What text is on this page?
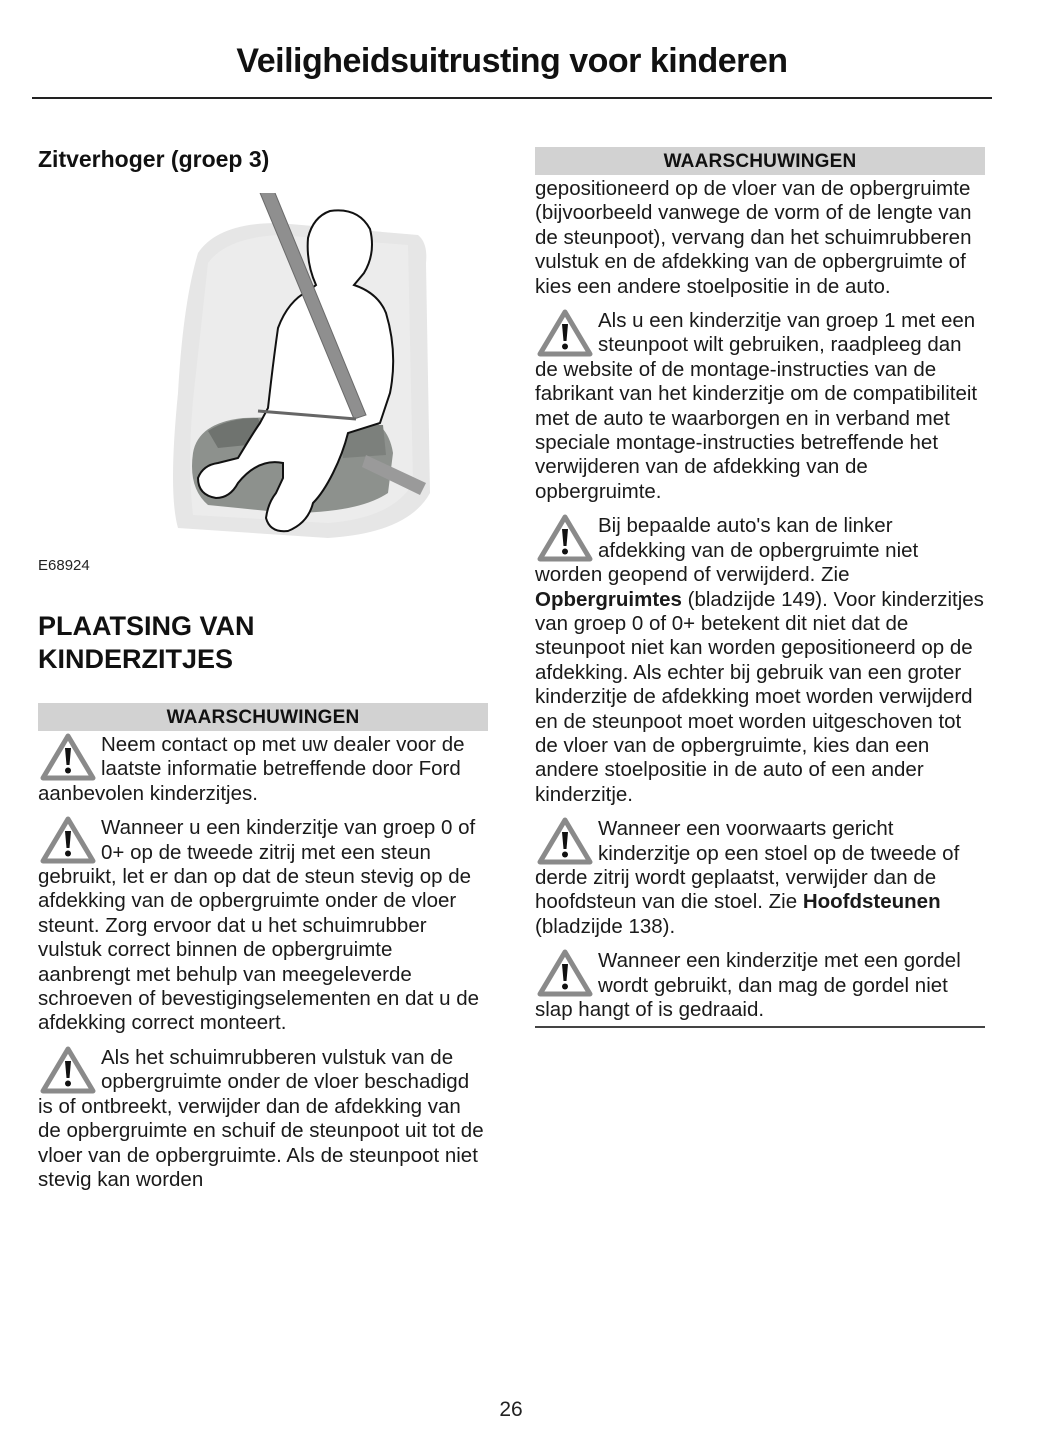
Veiligheidsuitrusting voor kinderen
Zitverhoger (groep 3)
E68924
PLAATSING VAN
KINDERZITJES
WAARSCHUWINGEN

Neem contact op met uw dealer voor de laatste informatie betreffende door Ford aanbevolen kinderzitjes.

Wanneer u een kinderzitje van groep 0 of 0+ op de tweede zitrij met een steun gebruikt, let er dan op dat de steun stevig op de afdekking van de opbergruimte onder de vloer steunt. Zorg ervoor dat u het schuimrubber vulstuk correct binnen de opbergruimte aanbrengt met behulp van meegeleverde schroeven of bevestigingselementen en dat u de afdekking correct monteert.

Als het schuimrubberen vulstuk van de opbergruimte onder de vloer beschadigd is of ontbreekt, verwijder dan de afdekking van de opbergruimte en schuif de steunpoot uit tot de vloer van de opbergruimte. Als de steunpoot niet stevig kan worden

WAARSCHUWINGEN

gepositioneerd op de vloer van de opbergruimte (bijvoorbeeld vanwege de vorm of de lengte van de steunpoot), vervang dan het schuimrubberen vulstuk en de afdekking van de opbergruimte of kies een andere stoelpositie in de auto.

Als u een kinderzitje van groep 1 met een steunpoot wilt gebruiken, raadpleeg dan de website of de montage-instructies van de fabrikant van het kinderzitje om de compatibiliteit met de auto te waarborgen en in verband met speciale montage-instructies betreffende het verwijderen van de afdekking van de opbergruimte.

Bij bepaalde auto's kan de linker afdekking van de opbergruimte niet worden geopend of verwijderd. Zie Opbergruimtes (bladzijde 149). Voor kinderzitjes van groep 0 of 0+ betekent dit niet dat de steunpoot niet kan worden gepositioneerd op de afdekking. Als echter bij gebruik van een groter kinderzitje de afdekking moet worden verwijderd en de steunpoot moet worden uitgeschoven tot de vloer van de opbergruimte, kies dan een andere stoelpositie in de auto of een ander kinderzitje.

Wanneer een voorwaarts gericht kinderzitje op een stoel op de tweede of derde zitrij wordt geplaatst, verwijder dan de hoofdsteun van die stoel. Zie Hoofdsteunen (bladzijde 138).

Wanneer een kinderzitje met een gordel wordt gebruikt, dan mag de gordel niet slap hangt of is gedraaid.

26
